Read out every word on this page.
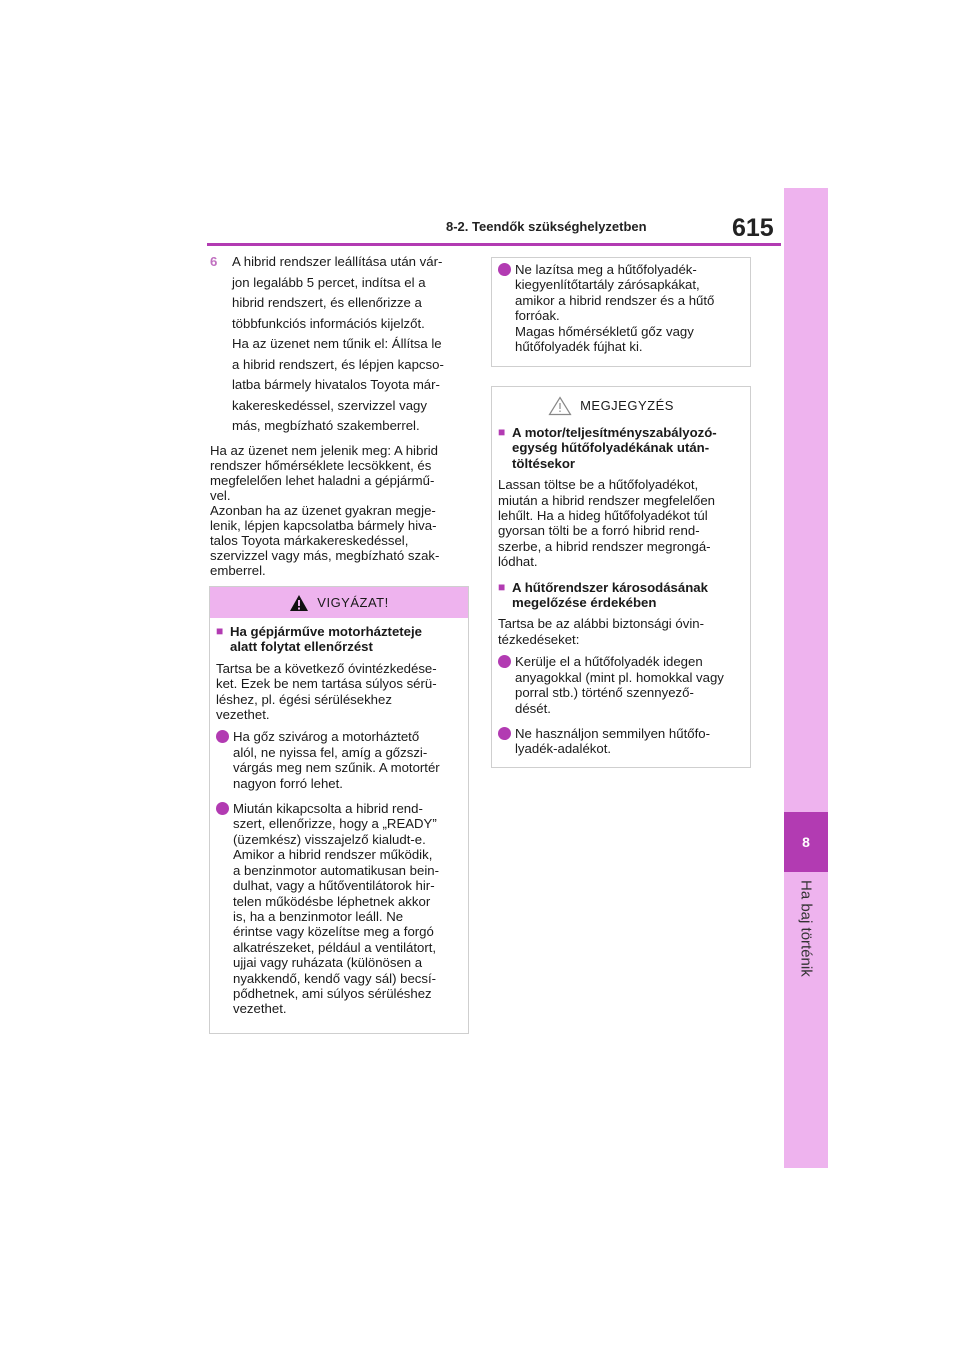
8
Ha baj történik
8-2. Teendők szükséghelyzetben	615
6	A hibrid rendszer leállítása után vár-
jon legalább 5 percet, indítsa el a
hibrid rendszert, és ellenőrizze a
többfunkciós információs kijelzőt.
Ha az üzenet nem tűnik el: Állítsa le
a hibrid rendszert, és lépjen kapcso-
latba bármely hivatalos Toyota már-
kakereskedéssel, szervizzel vagy
más, megbízható szakemberrel.

Ha az üzenet nem jelenik meg: A hibrid
rendszer hőmérséklete lecsökkent, és
megfelelően lehet haladni a gépjármű-
vel.
Azonban ha az üzenet gyakran megje-
lenik, lépjen kapcsolatba bármely hiva-
talos Toyota márkakereskedéssel,
szervizzel vagy más, megbízható szak-
emberrel.

VIGYÁZAT!
■ Ha gépjárműve motorházteteje
alatt folytat ellenőrzést

Tartsa be a következő óvintézkedése-
ket. Ezek be nem tartása súlyos sérü-
léshez, pl. égési sérülésekhez
vezethet.

Ha gőz szivárog a motorháztető
alól, ne nyissa fel, amíg a gőzszi-
várgás meg nem szűnik. A motortér
nagyon forró lehet.
Miután kikapcsolta a hibrid rend-
szert, ellenőrizze, hogy a „READY”
(üzemkész) visszajelző kialudt-e.
Amikor a hibrid rendszer működik,
a benzinmotor automatikusan bein-
dulhat, vagy a hűtőventilátorok hir-
telen működésbe léphetnek akkor
is, ha a benzinmotor leáll. Ne
érintse vagy közelítse meg a forgó
alkatrészeket, például a ventilátort,
ujjai vagy ruházata (különösen a
nyakkendő, kendő vagy sál) becsí-
pődhetnek, ami súlyos sérüléshez
vezethet.
Ne lazítsa meg a hűtőfolyadék-
kiegyenlítőtartály zárósapkákat,
amikor a hibrid rendszer és a hűtő
forróak.
Magas hőmérsékletű gőz vagy
hűtőfolyadék fújhat ki.
MEGJEGYZÉS
■ A motor/teljesítményszabályozó-
egység hűtőfolyadékának után-
töltésekor

Lassan töltse be a hűtőfolyadékot,
miután a hibrid rendszer megfelelően
lehűlt. Ha a hideg hűtőfolyadékot túl
gyorsan tölti be a forró hibrid rend-
szerbe, a hibrid rendszer megrongá-
lódhat.

■ A hűtőrendszer károsodásának
megelőzése érdekében

Tartsa be az alábbi biztonsági óvin-
tézkedéseket:

Kerülje el a hűtőfolyadék idegen
anyagokkal (mint pl. homokkal vagy
porral stb.) történő szennyező-
dését.
Ne használjon semmilyen hűtőfo-
lyadék-adalékot.
